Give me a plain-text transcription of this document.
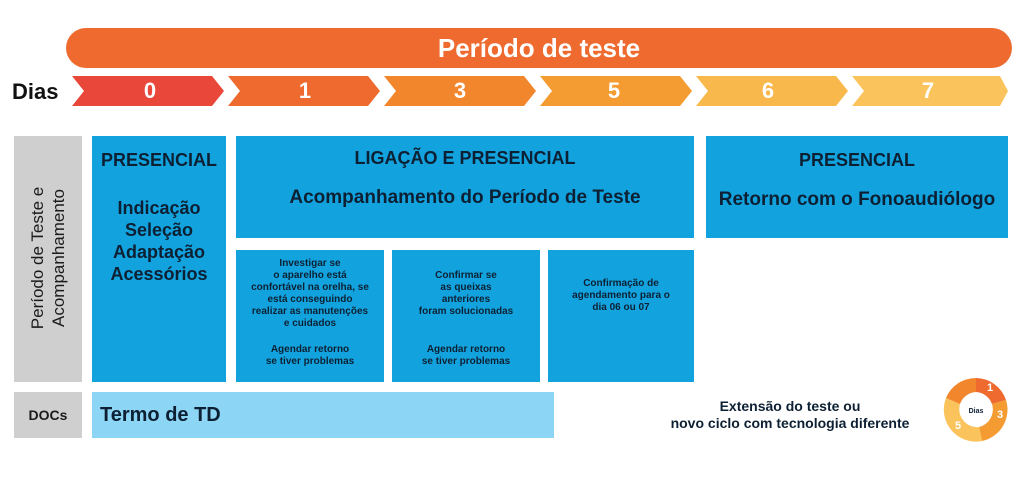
Período de teste
Dias	0	1	3	5	6	7
Período de Teste e Acompanhamento
PRESENCIAL
Indicação
Seleção
Adaptação
Acessórios
LIGAÇÃO E PRESENCIAL
Acompanhamento do Período de Teste
PRESENCIAL
Retorno com o Fonoaudiólogo
Investigar se
o aparelho está
confortável na orelha, se
está conseguindo
realizar as manutenções
e cuidados
Agendar retorno
se tiver problemas
Confirmar se
as queixas
anteriores
foram solucionadas
Agendar retorno
se tiver problemas
Confirmação de
agendamento para o
dia 06 ou 07
DOCs	Termo de TD	Extensão do teste ou
novo ciclo com tecnologia diferente
Dias
1
3
5
